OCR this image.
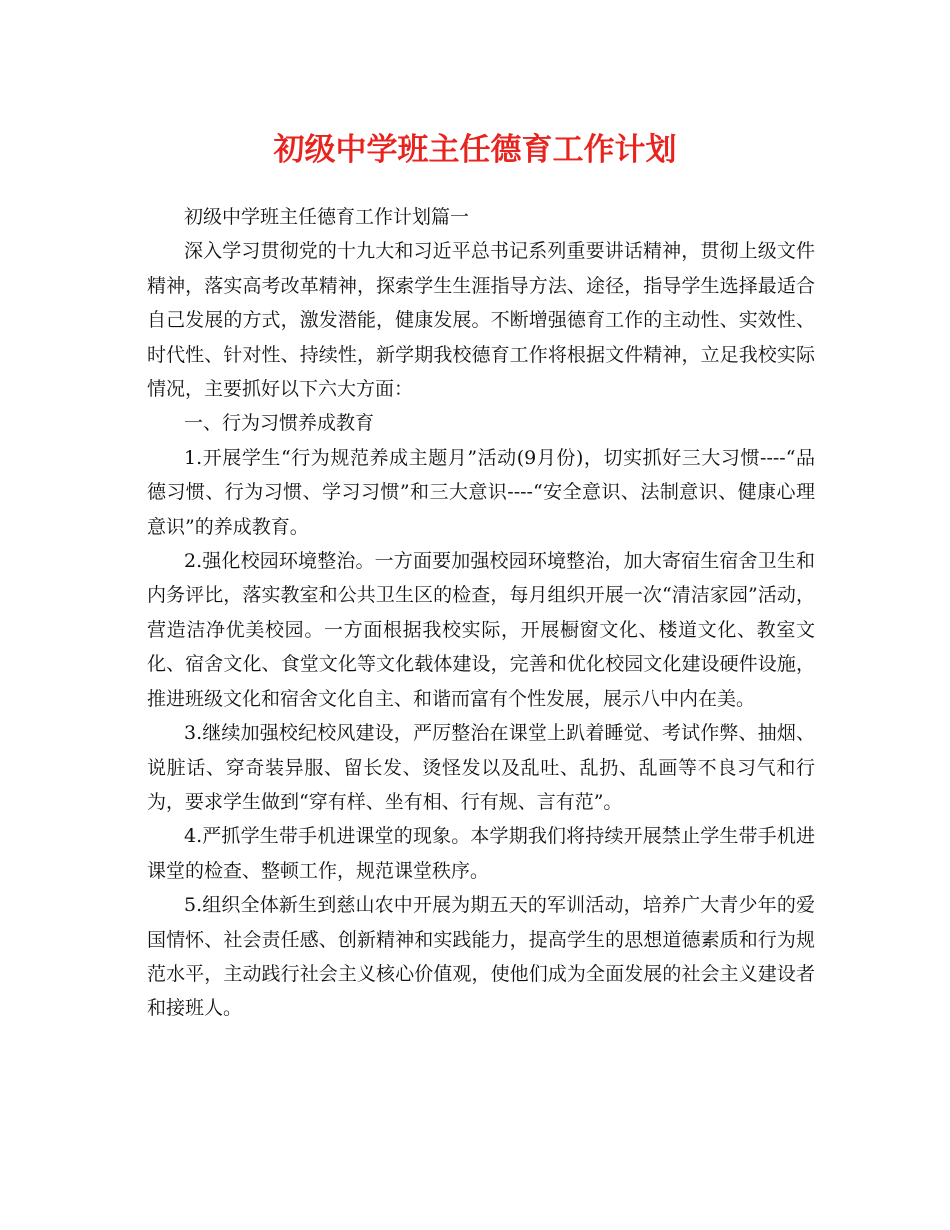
初级中学班主任德育工作计划

初级中学班主任德育工作计划篇一

深入学习贯彻党的十九大和习近平总书记系列重要讲话精神，贯彻上级文件精神，落实高考改革精神，探索学生生涯指导方法、途径，指导学生选择最适合自己发展的方式，激发潜能，健康发展。不断增强德育工作的主动性、实效性、时代性、针对性、持续性，新学期我校德育工作将根据文件精神，立足我校实际情况，主要抓好以下六大方面：

一、行为习惯养成教育

1.开展学生“行为规范养成主题月”活动(9月份)，切实抓好三大习惯----“品德习惯、行为习惯、学习习惯”和三大意识----“安全意识、法制意识、健康心理意识”的养成教育。

2.强化校园环境整治。一方面要加强校园环境整治，加大寄宿生宿舍卫生和内务评比，落实教室和公共卫生区的检查，每月组织开展一次“清洁家园”活动，营造洁净优美校园。一方面根据我校实际，开展橱窗文化、楼道文化、教室文化、宿舍文化、食堂文化等文化载体建设，完善和优化校园文化建设硬件设施，推进班级文化和宿舍文化自主、和谐而富有个性发展，展示八中内在美。

3.继续加强校纪校风建设，严厉整治在课堂上趴着睡觉、考试作弊、抽烟、说脏话、穿奇装异服、留长发、烫怪发以及乱吐、乱扔、乱画等不良习气和行为，要求学生做到“穿有样、坐有相、行有规、言有范”。

4.严抓学生带手机进课堂的现象。本学期我们将持续开展禁止学生带手机进课堂的检查、整顿工作，规范课堂秩序。

5.组织全体新生到慈山农中开展为期五天的军训活动，培养广大青少年的爱国情怀、社会责任感、创新精神和实践能力，提高学生的思想道德素质和行为规范水平，主动践行社会主义核心价值观，使他们成为全面发展的社会主义建设者和接班人。
